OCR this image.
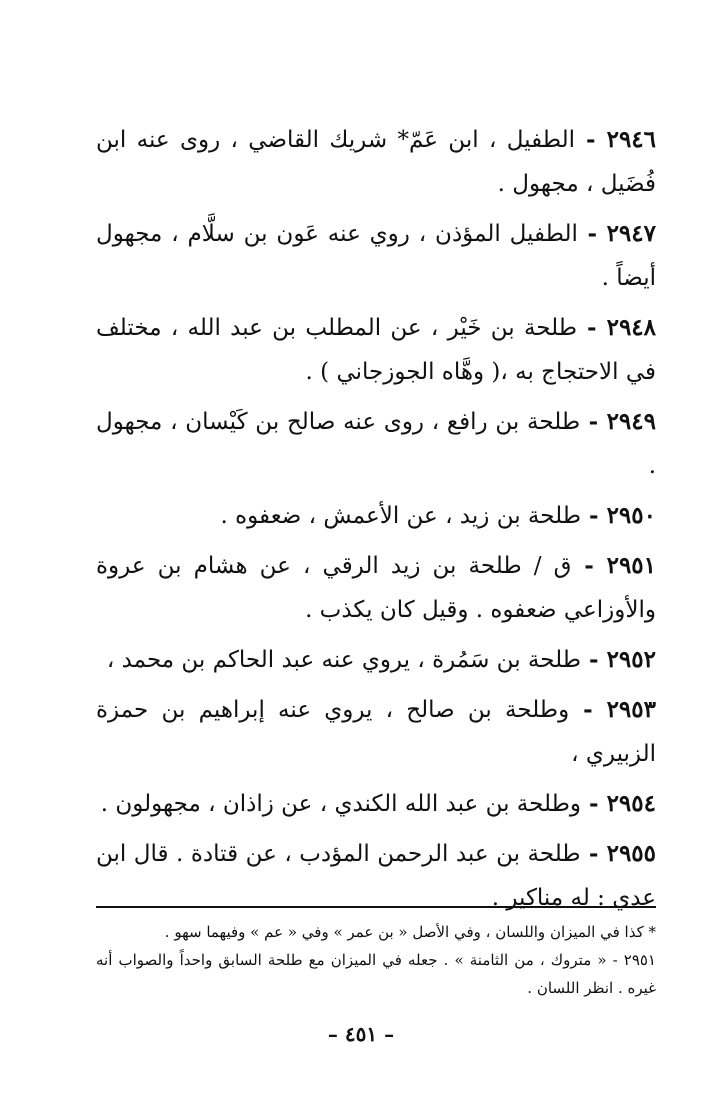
٢٩٤٦ - الطفيل ، ابن عَمّ* شريك القاضي ، روى عنه ابن فُضَيل ، مجهول .

٢٩٤٧ - الطفيل المؤذن ، روي عنه عَون بن سلَّام ، مجهول أيضاً .

٢٩٤٨ - طلحة بن خَيْر ، عن المطلب بن عبد الله ، مختلف في الاحتجاج به ،( وهَّاه الجوزجاني ) .

٢٩٤٩ - طلحة بن رافع ، روى عنه صالح بن كَيْسان ، مجهول .

٢٩٥٠ - طلحة بن زيد ، عن الأعمش ، ضعفوه .

٢٩٥١ - ق / طلحة بن زيد الرقي ، عن هشام بن عروة والأوزاعي ضعفوه . وقيل كان يكذب .

٢٩٥٢ - طلحة بن سَمُرة ، يروي عنه عبد الحاكم بن محمد ،

٢٩٥٣ - وطلحة بن صالح ، يروي عنه إبراهيم بن حمزة الزبيري ،

٢٩٥٤ - وطلحة بن عبد الله الكندي ، عن زاذان ، مجهولون .

٢٩٥٥ - طلحة بن عبد الرحمن المؤدب ، عن قتادة . قال ابن عدي : له مناكير .

* كذا في الميزان واللسان ، وفي الأصل « بن عمر » وفي « عم » وفيهما سهو .

٢٩٥١ - « متروك ، من الثامنة » . جعله في الميزان مع طلحة السابق واحداً والصواب أنه غيره . انظر اللسان .

– ٤٥١ –
